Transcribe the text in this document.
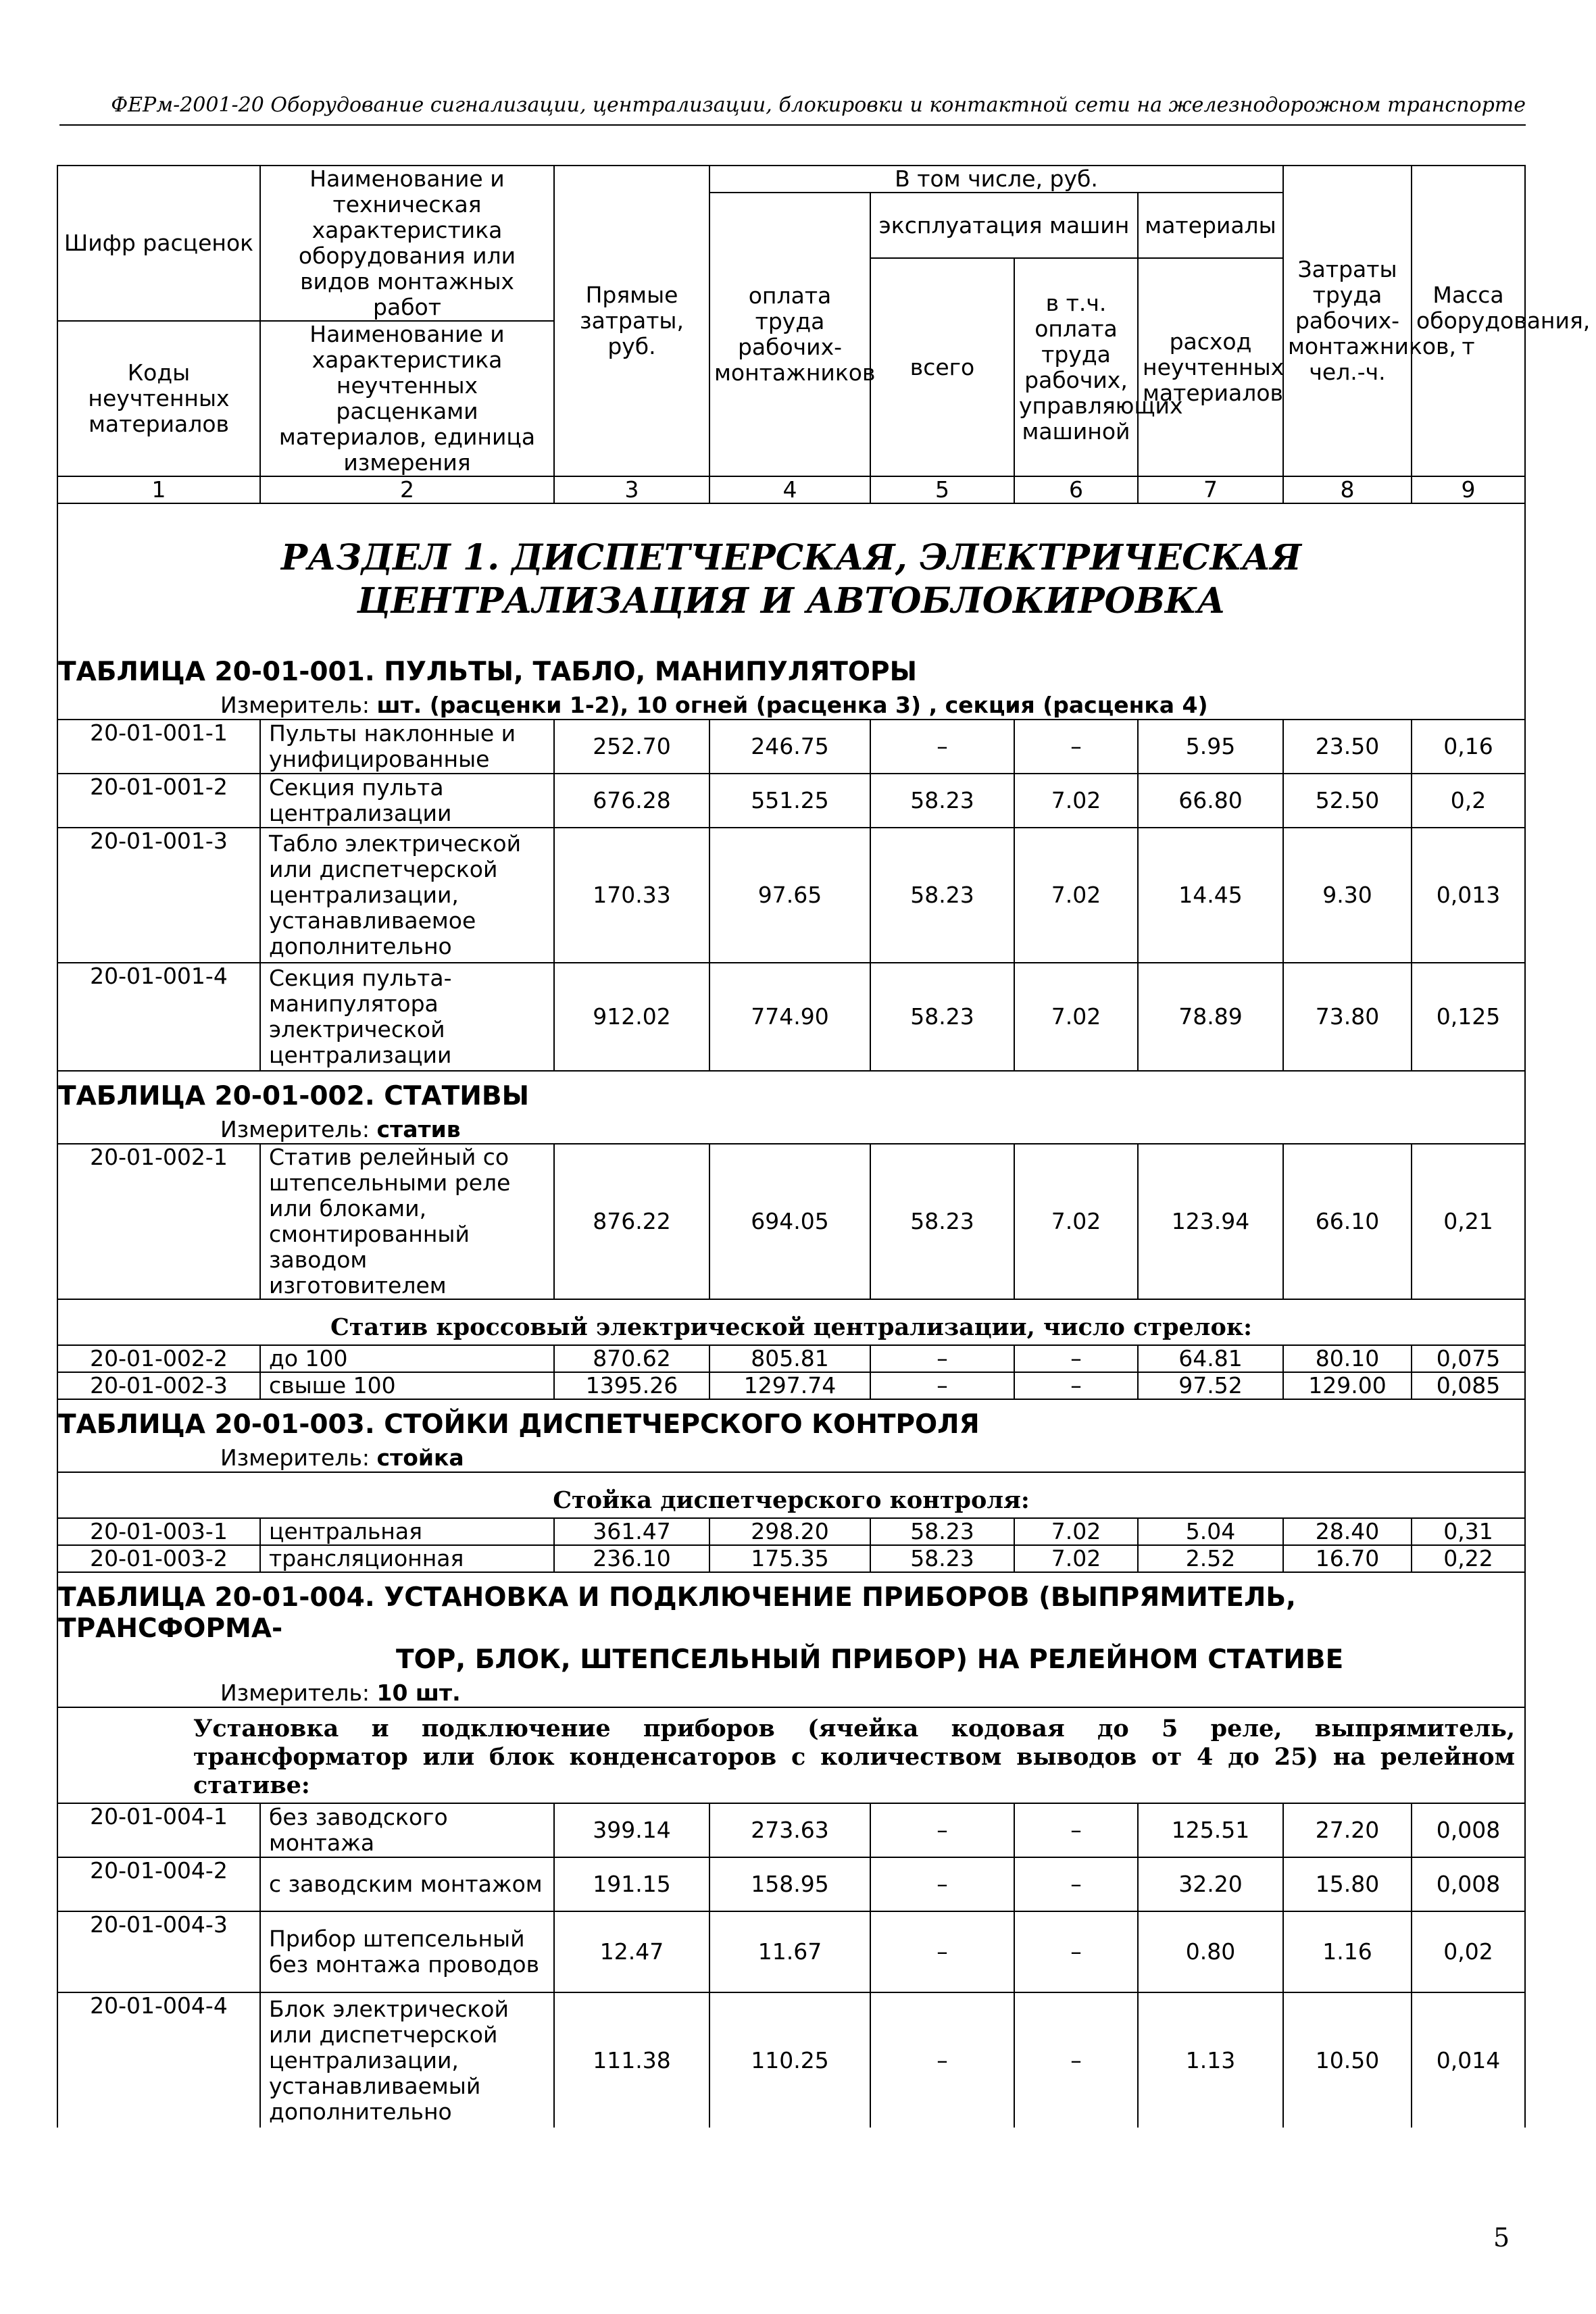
ФЕРм-2001-20 Оборудование сигнализации, централизации, блокировки и контактной сети на железнодорожном транспорте
Шифр расценок	Наименование и техническая характеристика оборудования или видов монтажных работ	Прямые затраты, руб.	В том числе, руб.				Затраты труда рабочих-монтажников, чел.-ч.	Масса оборудования, т
			оплата труда рабочих-монтажников	эксплуатация машин		материалы		
				всего	в т.ч. оплата труда рабочих, управляющих машиной	расход неучтенных материалов		
Коды неучтенных материалов	Наименование и характеристика неучтенных расценками материалов, единица измерения							

1	2	3	4	5	6	7	8	9
РАЗДЕЛ 1. ДИСПЕТЧЕРСКАЯ, ЭЛЕКТРИЧЕСКАЯ ЦЕНТРАЛИЗАЦИЯ И АВТОБЛОКИРОВКА								

ТАБЛИЦА 20-01-001. ПУЛЬТЫ, ТАБЛО, МАНИПУЛЯТОРЫ
Измеритель: шт. (расценки 1-2), 10 огней (расценка 3) , секция (расценка 4)								

20-01-001-1	Пульты наклонные и унифицированные	252.70	246.75	–	–	5.95	23.50	0,16
20-01-001-2	Секция пульта централизации	676.28	551.25	58.23	7.02	66.80	52.50	0,2
20-01-001-3	Табло электрической или диспетчерской централизации, устанавливаемое дополнительно	170.33	97.65	58.23	7.02	14.45	9.30	0,013
20-01-001-4	Секция пульта-манипулятора электрической централизации	912.02	774.90	58.23	7.02	78.89	73.80	0,125

ТАБЛИЦА 20-01-002. СТАТИВЫ
Измеритель: статив								

20-01-002-1	Статив релейный со штепсельными реле или блоками, смонтированный заводом изготовителем	876.22	694.05	58.23	7.02	123.94	66.10	0,21
Статив кроссовый электрической централизации, число стрелок:								
20-01-002-2	до 100	870.62	805.81	–	–	64.81	80.10	0,075
20-01-002-3	свыше 100	1395.26	1297.74	–	–	97.52	129.00	0,085

ТАБЛИЦА 20-01-003. СТОЙКИ ДИСПЕТЧЕРСКОГО КОНТРОЛЯ
Измеритель: стойка								

Стойка диспетчерского контроля:								
20-01-003-1	центральная	361.47	298.20	58.23	7.02	5.04	28.40	0,31
20-01-003-2	трансляционная	236.10	175.35	58.23	7.02	2.52	16.70	0,22

ТАБЛИЦА 20-01-004. УСТАНОВКА И ПОДКЛЮЧЕНИЕ ПРИБОРОВ (ВЫПРЯМИТЕЛЬ, ТРАНСФОРМА-
ТОР, БЛОК, ШТЕПСЕЛЬНЫЙ ПРИБОР) НА РЕЛЕЙНОМ СТАТИВЕ
Измеритель: 10 шт.								

Установка и подключение приборов (ячейка кодовая до 5 реле, выпрямитель, трансформатор или блок конденсаторов с количеством выводов от 4 до 25) на релейном стативе:								
20-01-004-1	без заводского монтажа	399.14	273.63	–	–	125.51	27.20	0,008
20-01-004-2	с заводским монтажом	191.15	158.95	–	–	32.20	15.80	0,008
20-01-004-3	Прибор штепсельный без монтажа проводов	12.47	11.67	–	–	0.80	1.16	0,02
20-01-004-4	Блок электрической или диспетчерской централизации, устанавливаемый дополнительно	111.38	110.25	–	–	1.13	10.50	0,014
5
